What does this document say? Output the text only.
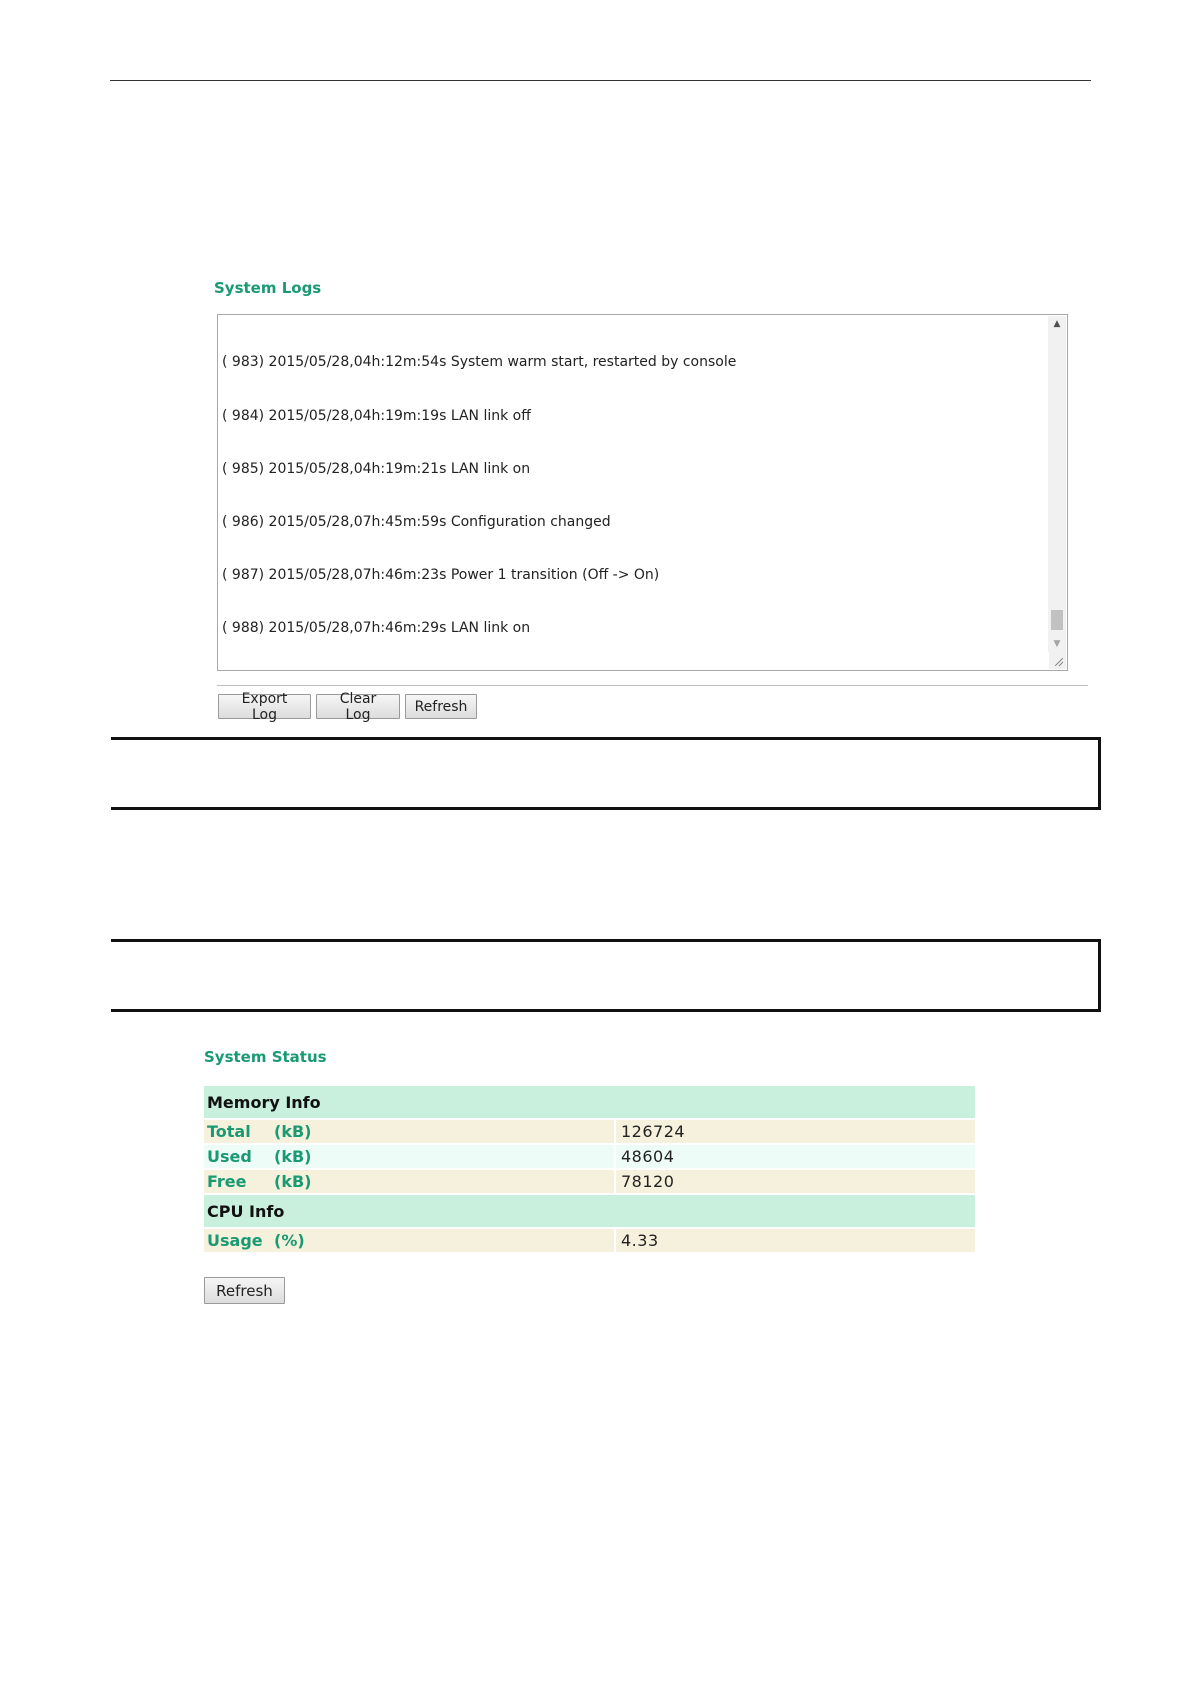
System Logs

( 983) 2015/05/28,04h:12m:54s System warm start, restarted by console

( 984) 2015/05/28,04h:19m:19s LAN link off

( 985) 2015/05/28,04h:19m:21s LAN link on

( 986) 2015/05/28,07h:45m:59s Configuration changed

( 987) 2015/05/28,07h:46m:23s Power 1 transition (Off -> On)

( 988) 2015/05/28,07h:46m:29s LAN link on

▲
▼
Export Log
Clear Log	Refresh
System Status
Memory Info	
Total (kB)	126724
Used (kB)	48604
Free (kB)	78120
CPU Info	
Usage (%)	4.33
Refresh
